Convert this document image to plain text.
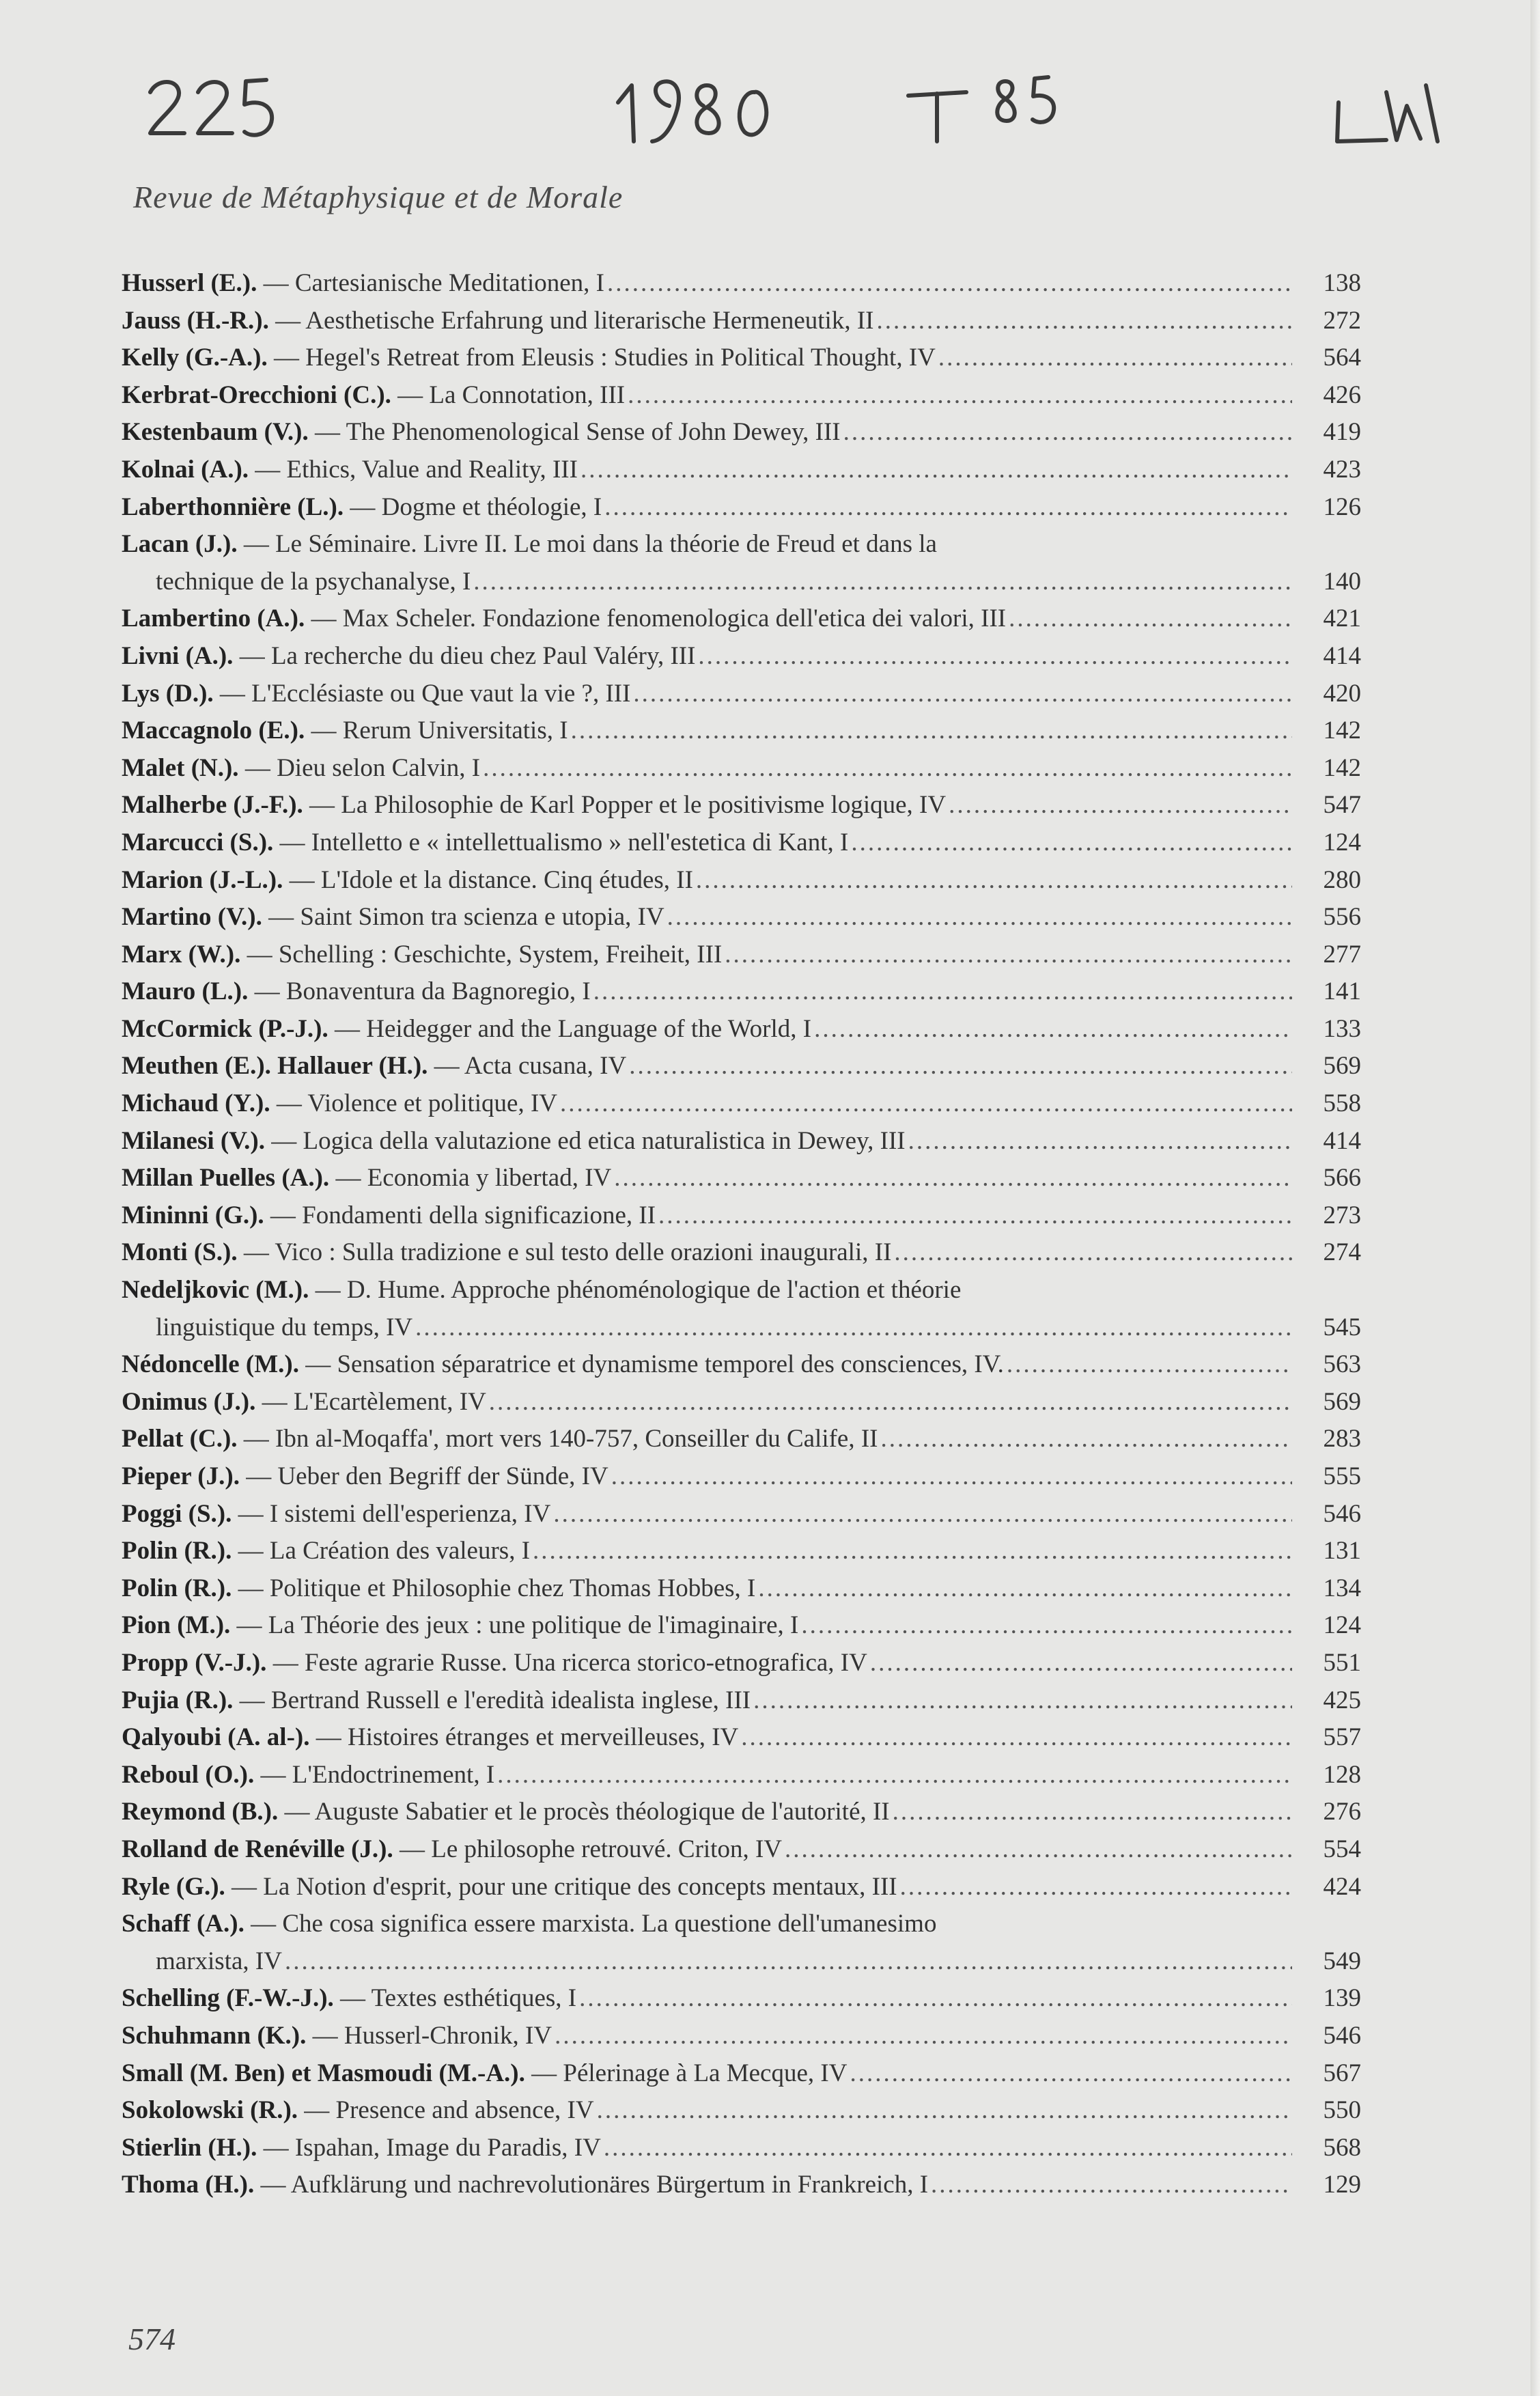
Revue de Métaphysique et de Morale
Husserl (E.). — Cartesianische Meditationen, I .....	138
Jauss (H.-R.). — Aesthetische Erfahrung und literarische Hermeneutik, II .....	272
Kelly (G.-A.). — Hegel's Retreat from Eleusis : Studies in Political Thought, IV .....	564
Kerbrat-Orecchioni (C.). — La Connotation, III .....	426
Kestenbaum (V.). — The Phenomenological Sense of John Dewey, III .....	419
Kolnai (A.). — Ethics, Value and Reality, III .....	423
Laberthonnière (L.). — Dogme et théologie, I .....	126
Lacan (J.). — Le Séminaire. Livre II. Le moi dans la théorie de Freud et dans la
technique de la psychanalyse, I .....	140
Lambertino (A.). — Max Scheler. Fondazione fenomenologica dell'etica dei valori, III .....	421
Livni (A.). — La recherche du dieu chez Paul Valéry, III .....	414
Lys (D.). — L'Ecclésiaste ou Que vaut la vie ?, III .....	420
Maccagnolo (E.). — Rerum Universitatis, I .....	142
Malet (N.). — Dieu selon Calvin, I .....	142
Malherbe (J.-F.). — La Philosophie de Karl Popper et le positivisme logique, IV .....	547
Marcucci (S.). — Intelletto e « intellettualismo » nell'estetica di Kant, I .....	124
Marion (J.-L.). — L'Idole et la distance. Cinq études, II .....	280
Martino (V.). — Saint Simon tra scienza e utopia, IV .....	556
Marx (W.). — Schelling : Geschichte, System, Freiheit, III .....	277
Mauro (L.). — Bonaventura da Bagnoregio, I .....	141
McCormick (P.-J.). — Heidegger and the Language of the World, I .....	133
Meuthen (E.). Hallauer (H.). — Acta cusana, IV .....	569
Michaud (Y.). — Violence et politique, IV .....	558
Milanesi (V.). — Logica della valutazione ed etica naturalistica in Dewey, III .....	414
Millan Puelles (A.). — Economia y libertad, IV .....	566
Mininni (G.). — Fondamenti della significazione, II .....	273
Monti (S.). — Vico : Sulla tradizione e sul testo delle orazioni inaugurali, II .....	274
Nedeljkovic (M.). — D. Hume. Approche phénoménologique de l'action et théorie
linguistique du temps, IV .....	545
Nédoncelle (M.). — Sensation séparatrice et dynamisme temporel des consciences, IV. .....	563
Onimus (J.). — L'Ecartèlement, IV .....	569
Pellat (C.). — Ibn al-Moqaffa', mort vers 140-757, Conseiller du Calife, II .....	283
Pieper (J.). — Ueber den Begriff der Sünde, IV .....	555
Poggi (S.). — I sistemi dell'esperienza, IV .....	546
Polin (R.). — La Création des valeurs, I .....	131
Polin (R.). — Politique et Philosophie chez Thomas Hobbes, I .....	134
Pion (M.). — La Théorie des jeux : une politique de l'imaginaire, I .....	124
Propp (V.-J.). — Feste agrarie Russe. Una ricerca storico-etnografica, IV .....	551
Pujia (R.). — Bertrand Russell e l'eredità idealista inglese, III .....	425
Qalyoubi (A. al-). — Histoires étranges et merveilleuses, IV .....	557
Reboul (O.). — L'Endoctrinement, I .....	128
Reymond (B.). — Auguste Sabatier et le procès théologique de l'autorité, II .....	276
Rolland de Renéville (J.). — Le philosophe retrouvé. Criton, IV .....	554
Ryle (G.). — La Notion d'esprit, pour une critique des concepts mentaux, III .....	424
Schaff (A.). — Che cosa significa essere marxista. La questione dell'umanesimo
marxista, IV .....	549
Schelling (F.-W.-J.). — Textes esthétiques, I .....	139
Schuhmann (K.). — Husserl-Chronik, IV .....	546
Small (M. Ben) et Masmoudi (M.-A.). — Pélerinage à La Mecque, IV .....	567
Sokolowski (R.). — Presence and absence, IV .....	550
Stierlin (H.). — Ispahan, Image du Paradis, IV .....	568
Thoma (H.). — Aufklärung und nachrevolutionäres Bürgertum in Frankreich, I .....	129
574
